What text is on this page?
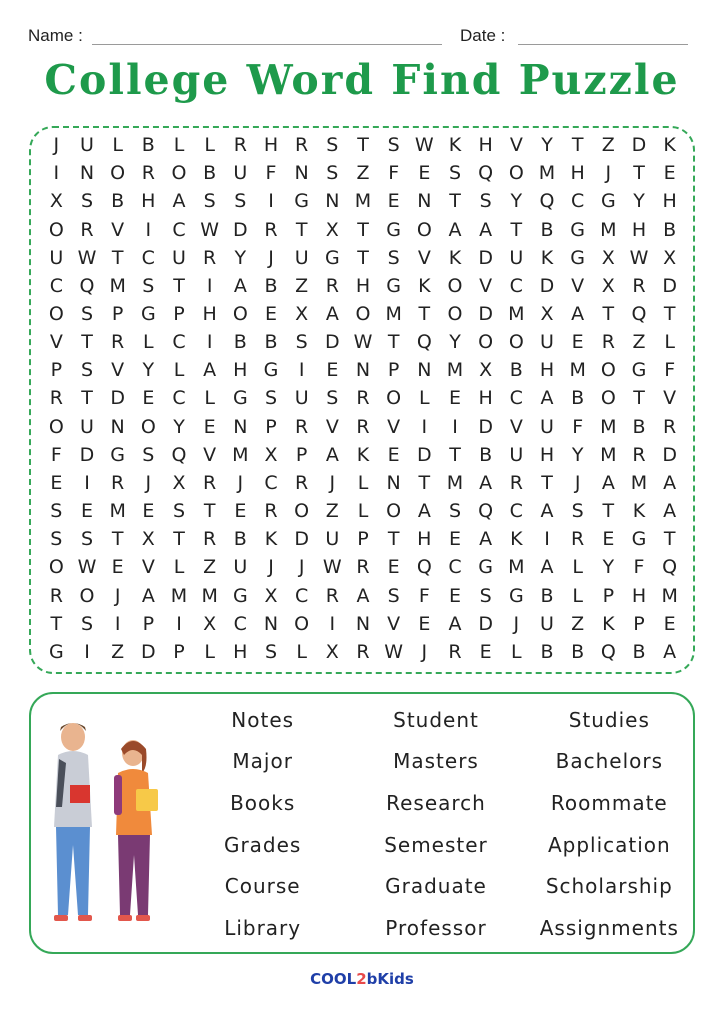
Name :	Date :
College Word Find Puzzle
J	U L B L	L R H R S T S W K H V Y	T Z D K
I	N O R O B U F N S Z F	E S Q O M H	J	T E
X S B H A S S	I	G N M E N T S Y Q C G Y H
O R V	I	C W D R T X T G O A A T B G M H B
U W T C U R Y	J	U G T S V K D U K G X W X
C Q M S T	I	A B Z R H G K O V C D V X R D
O S P G P H O E X A O M T O D M X A T Q T
V T R L C	I	B B S D W T Q Y O O U E R Z L
P S V Y	L A H G	I	E N P N M X B H M O G F
R T D E C L G S U S R O L	E H C A B O T V
O U N O Y E N P R V R V	I	I	D V U F M B R
F D G S Q V M X P A K E D T B U H Y M R D
E	I	R	J	X R	J	C R	J	L N T M A R T	J	A M A
S E M E S T E R O Z L O A S Q C A S T K A
S S T X T R B K D U P	T H E A K	I	R E G T
O W E V L Z U	J	J W R E Q C G M A L	Y	F Q
R O	J	A M M G X C R A S	F	E S G B L	P H M
T S	I	P	I	X C N O	I	N V E A D	J	U Z K P E
G	I	Z D P	L H S	L X R W J	R E	L B B Q B A
Notes	Student	Studies
Major	Masters	Bachelors
Books	Research	Roommate
Grades	Semester	Application
Course	Graduate	Scholarship
Library	Professor	Assignments
COOL2bKids
